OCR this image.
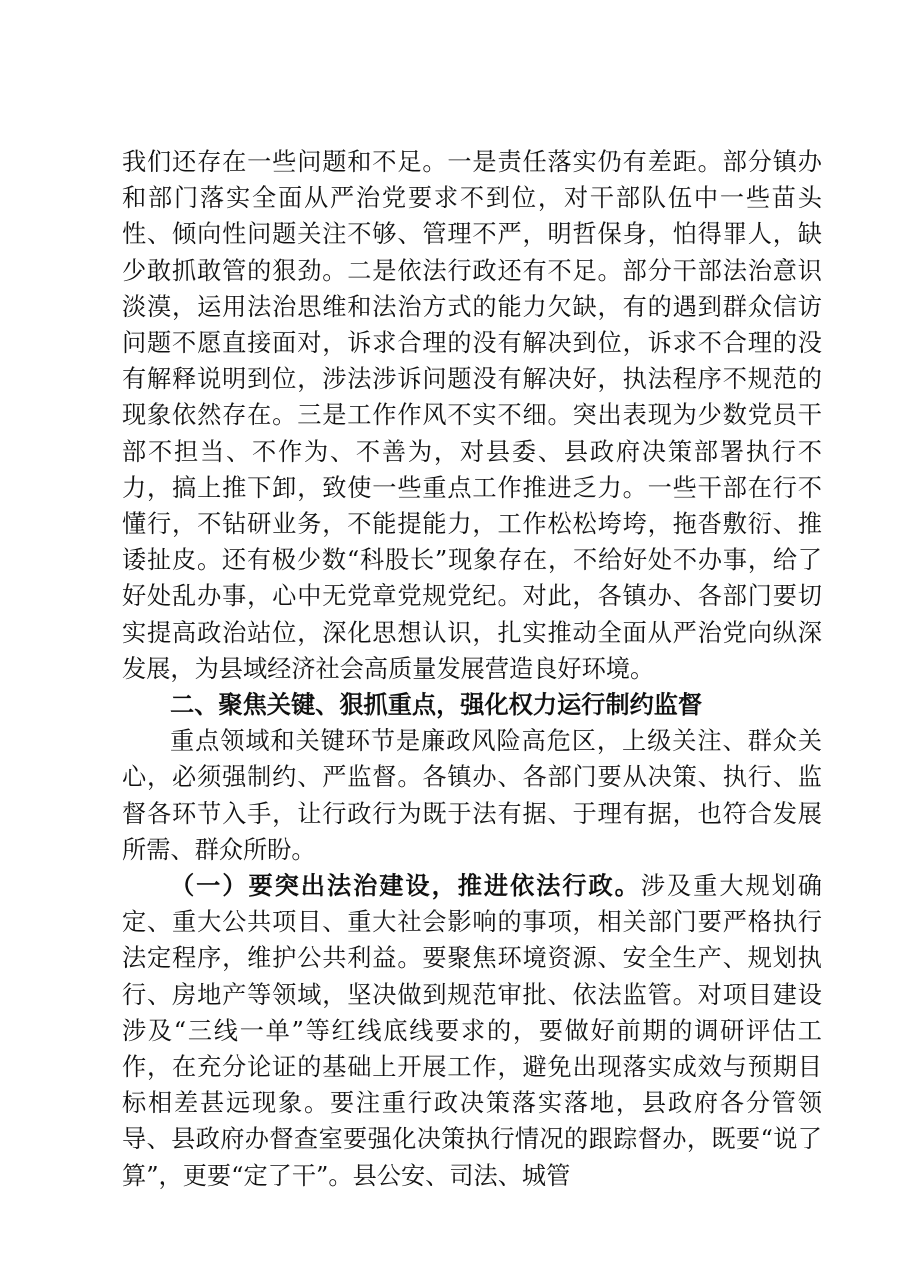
我们还存在一些问题和不足。一是责任落实仍有差距。部分镇办和部门落实全面从严治党要求不到位，对干部队伍中一些苗头性、倾向性问题关注不够、管理不严，明哲保身，怕得罪人，缺少敢抓敢管的狠劲。二是依法行政还有不足。部分干部法治意识淡漠，运用法治思维和法治方式的能力欠缺，有的遇到群众信访问题不愿直接面对，诉求合理的没有解决到位，诉求不合理的没有解释说明到位，涉法涉诉问题没有解决好，执法程序不规范的现象依然存在。三是工作作风不实不细。突出表现为少数党员干部不担当、不作为、不善为，对县委、县政府决策部署执行不力，搞上推下卸，致使一些重点工作推进乏力。一些干部在行不懂行，不钻研业务，不能提能力，工作松松垮垮，拖沓敷衍、推诿扯皮。还有极少数“科股长”现象存在，不给好处不办事，给了好处乱办事，心中无党章党规党纪。对此，各镇办、各部门要切实提高政治站位，深化思想认识，扎实推动全面从严治党向纵深发展，为县域经济社会高质量发展营造良好环境。

二、聚焦关键、狠抓重点，强化权力运行制约监督

重点领域和关键环节是廉政风险高危区，上级关注、群众关心，必须强制约、严监督。各镇办、各部门要从决策、执行、监督各环节入手，让行政行为既于法有据、于理有据，也符合发展所需、群众所盼。

（一）要突出法治建设，推进依法行政。涉及重大规划确定、重大公共项目、重大社会影响的事项，相关部门要严格执行法定程序，维护公共利益。要聚焦环境资源、安全生产、规划执行、房地产等领域，坚决做到规范审批、依法监管。对项目建设涉及“三线一单”等红线底线要求的，要做好前期的调研评估工作，在充分论证的基础上开展工作，避免出现落实成效与预期目标相差甚远现象。要注重行政决策落实落地，县政府各分管领导、县政府办督查室要强化决策执行情况的跟踪督办，既要“说了算”，更要“定了干”。县公安、司法、城管
